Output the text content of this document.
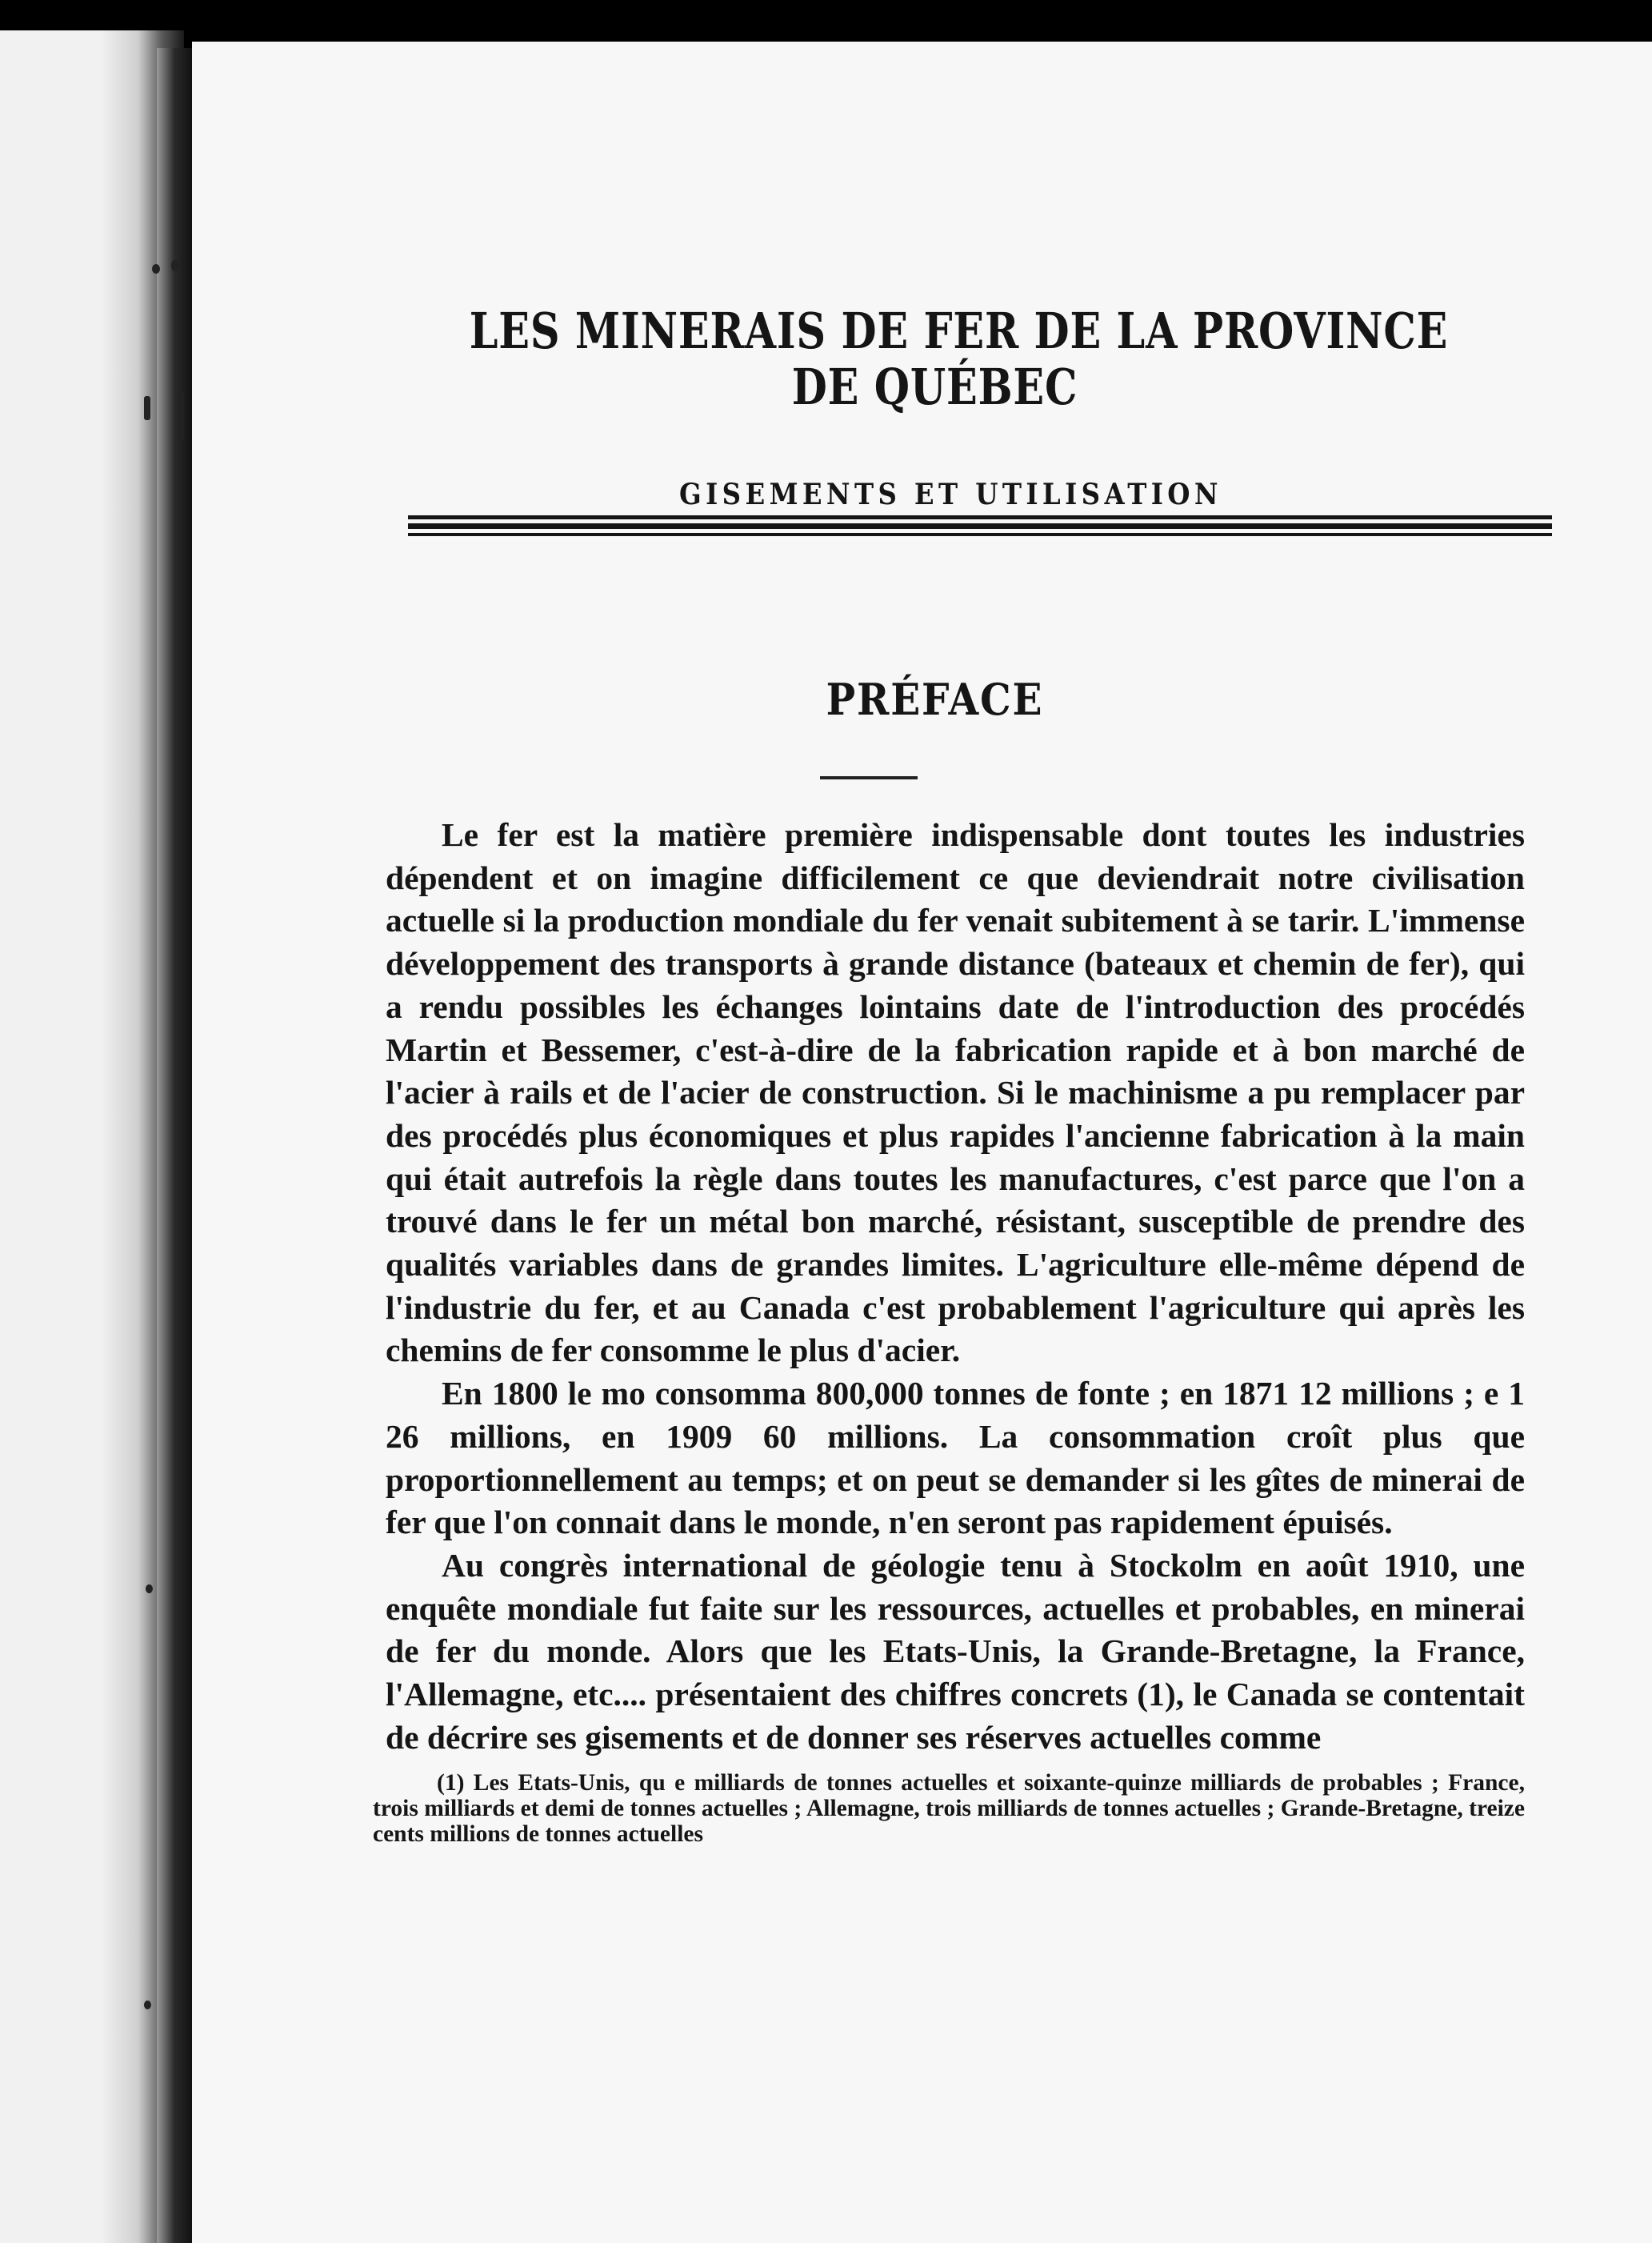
LES MINERAIS DE FER DE LA PROVINCE
DE QUÉBEC
GISEMENTS ET UTILISATION
PRÉFACE

Le fer est la matière première indispensable dont toutes les industries dépendent et on imagine difficilement ce que deviendrait notre civilisation actuelle si la production mondiale du fer venait subitement à se tarir. L'immense développement des transports à grande distance (bateaux et chemin de fer), qui a rendu possibles les échanges lointains date de l'introduction des procédés Martin et Bessemer, c'est-à-dire de la fabrication rapide et à bon marché de l'acier à rails et de l'acier de construction. Si le machinisme a pu remplacer par des procédés plus économiques et plus rapides l'ancienne fabrication à la main qui était autrefois la règle dans toutes les manufactures, c'est parce que l'on a trouvé dans le fer un métal bon marché, résistant, susceptible de prendre des qualités variables dans de grandes limites. L'agriculture elle-même dépend de l'industrie du fer, et au Canada c'est probablement l'agriculture qui après les chemins de fer consomme le plus d'acier.

En 1800 le mo consomma 800,000 tonnes de fonte ; en 1871 12 millions ; e 1 26 millions, en 1909 60 millions. La consommation croît plus que proportionnellement au temps; et on peut se demander si les gîtes de minerai de fer que l'on connait dans le monde, n'en seront pas rapidement épuisés.

Au congrès international de géologie tenu à Stockolm en août 1910, une enquête mondiale fut faite sur les ressources, actuelles et probables, en minerai de fer du monde. Alors que les Etats-Unis, la Grande-Bretagne, la France, l'Allemagne, etc.... présentaient des chiffres concrets (1), le Canada se contentait de décrire ses gisements et de donner ses réserves actuelles comme

(1) Les Etats-Unis, qu e milliards de tonnes actuelles et soixante-quinze milliards de probables ; France, trois milliards et demi de tonnes actuelles ; Allemagne, trois milliards de tonnes actuelles ; Grande-Bretagne, treize cents millions de tonnes actuelles
